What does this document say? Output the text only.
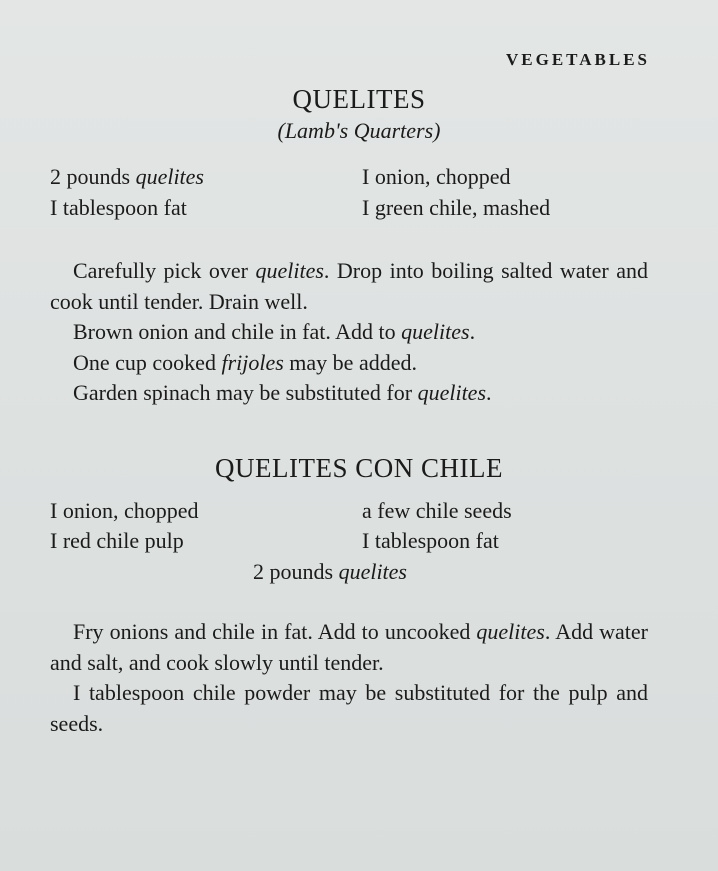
VEGETABLES
QUELITES
(Lamb's Quarters)
2 pounds quelites
I tablespoon fat
I onion, chopped
I green chile, mashed

Carefully pick over quelites. Drop into boiling salted water and cook until tender. Drain well.

Brown onion and chile in fat. Add to quelites.

One cup cooked frijoles may be added.

Garden spinach may be substituted for quelites.

QUELITES CON CHILE
I onion, chopped
I red chile pulp
a few chile seeds
I tablespoon fat
2 pounds quelites

Fry onions and chile in fat. Add to uncooked quelites. Add water and salt, and cook slowly until tender.

I tablespoon chile powder may be substituted for the pulp and seeds.
